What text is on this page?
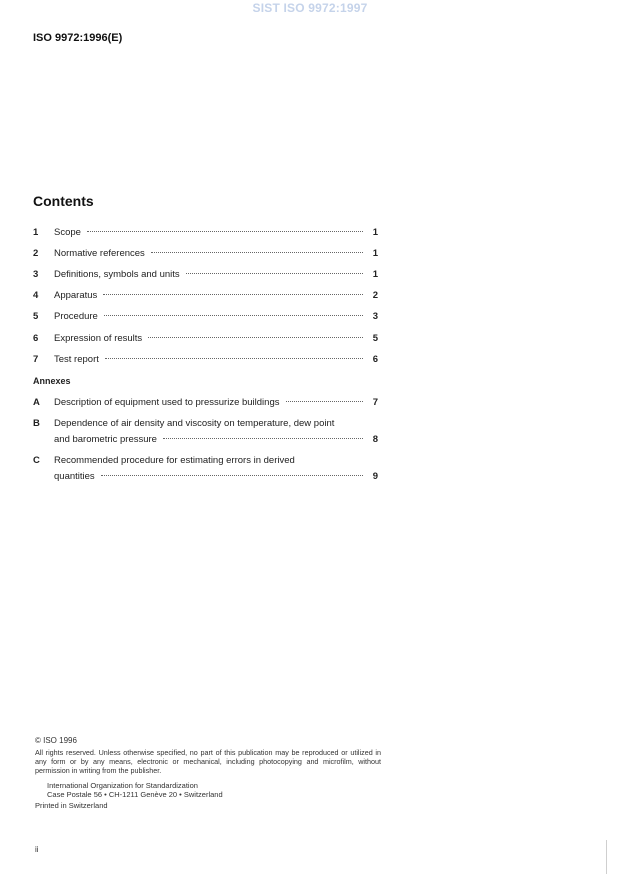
SIST ISO 9972:1997
ISO 9972:1996(E)
Contents
1	Scope	1
2	Normative references	1
3	Definitions, symbols and units	1
4	Apparatus	2
5	Procedure	3
6	Expression of results	5
7	Test report	6
Annexes
A	Description of equipment used to pressurize buildings	7
B	Dependence of air density and viscosity on temperature, dew point
and barometric pressure	8
C	Recommended procedure for estimating errors in derived
quantities	9
© ISO 1996
All rights reserved. Unless otherwise specified, no part of this publication may be reproduced or utilized in any form or by any means, electronic or mechanical, including photocopying and microfilm, without permission in writing from the publisher.
International Organization for Standardization
Case Postale 56 • CH-1211 Genève 20 • Switzerland
Printed in Switzerland
ii
